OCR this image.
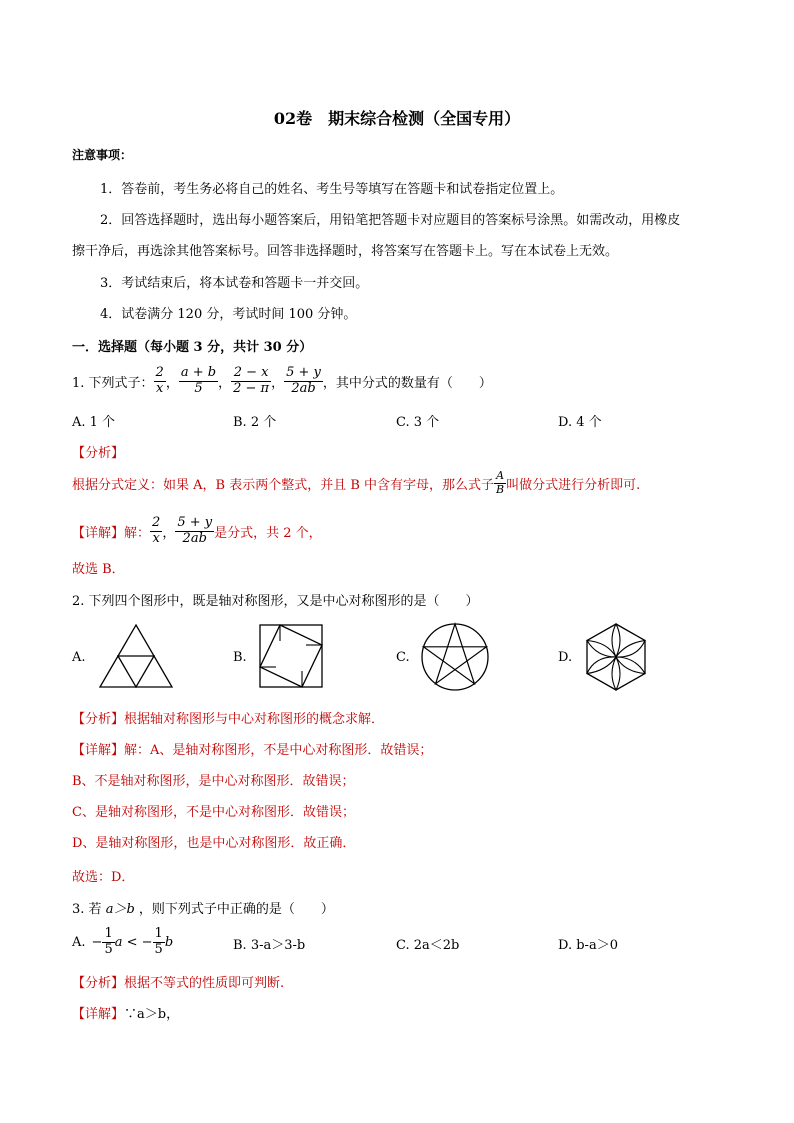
02卷　期末综合检测（全国专用）
注意事项：
1．答卷前，考生务必将自己的姓名、考生号等填写在答题卡和试卷指定位置上。
2．回答选择题时，选出每小题答案后，用铅笔把答题卡对应题目的答案标号涂黑。如需改动，用橡皮
擦干净后，再选涂其他答案标号。回答非选择题时，将答案写在答题卡上。写在本试卷上无效。
3．考试结束后，将本试卷和答题卡一并交回。
4．试卷满分 120 分，考试时间 100 分钟。
一．选择题（每小题 3 分，共计 30 分）
1. 下列式子： $\frac{2}{x}$ ， $\frac{a + b}{5}$ ， $\frac{2 - x}{2 - \pi}$ ， $\frac{5 + y}{2ab}$ ，其中分式的数量有（　　）
A. 1 个	B. 2 个	C. 3 个	D. 4 个
【分析】
根据分式定义：如果 A，B 表示两个整式，并且 B 中含有字母，那么式子 $\frac{A}{B}$ 叫做分式进行分析即可.
【详解】 解： $\frac{2}{x}$ ， $\frac{5 + y}{2ab}$ 是分式，共 2 个，
故选 B．
2. 下列四个图形中，既是轴对称图形，又是中心对称图形的是（　　）
A.	B.	C.	D.
【分析】根据轴对称图形与中心对称图形的概念求解．
【详解】解：A、是轴对称图形，不是中心对称图形．故错误；
B、不是轴对称图形，是中心对称图形．故错误；
C、是轴对称图形，不是中心对称图形．故错误；
D、是轴对称图形，也是中心对称图形．故正确．
故选：D．
3. 若 a＞b ，则下列式子中正确的是（　　）
A. − $\frac{1}{5}$ a < − $\frac{1}{5}$ b	B. 3-a＞3-b	C. 2a＜2b	D. b-a＞0
【分析】根据不等式的性质即可判断.
【详解】∵a＞b，
